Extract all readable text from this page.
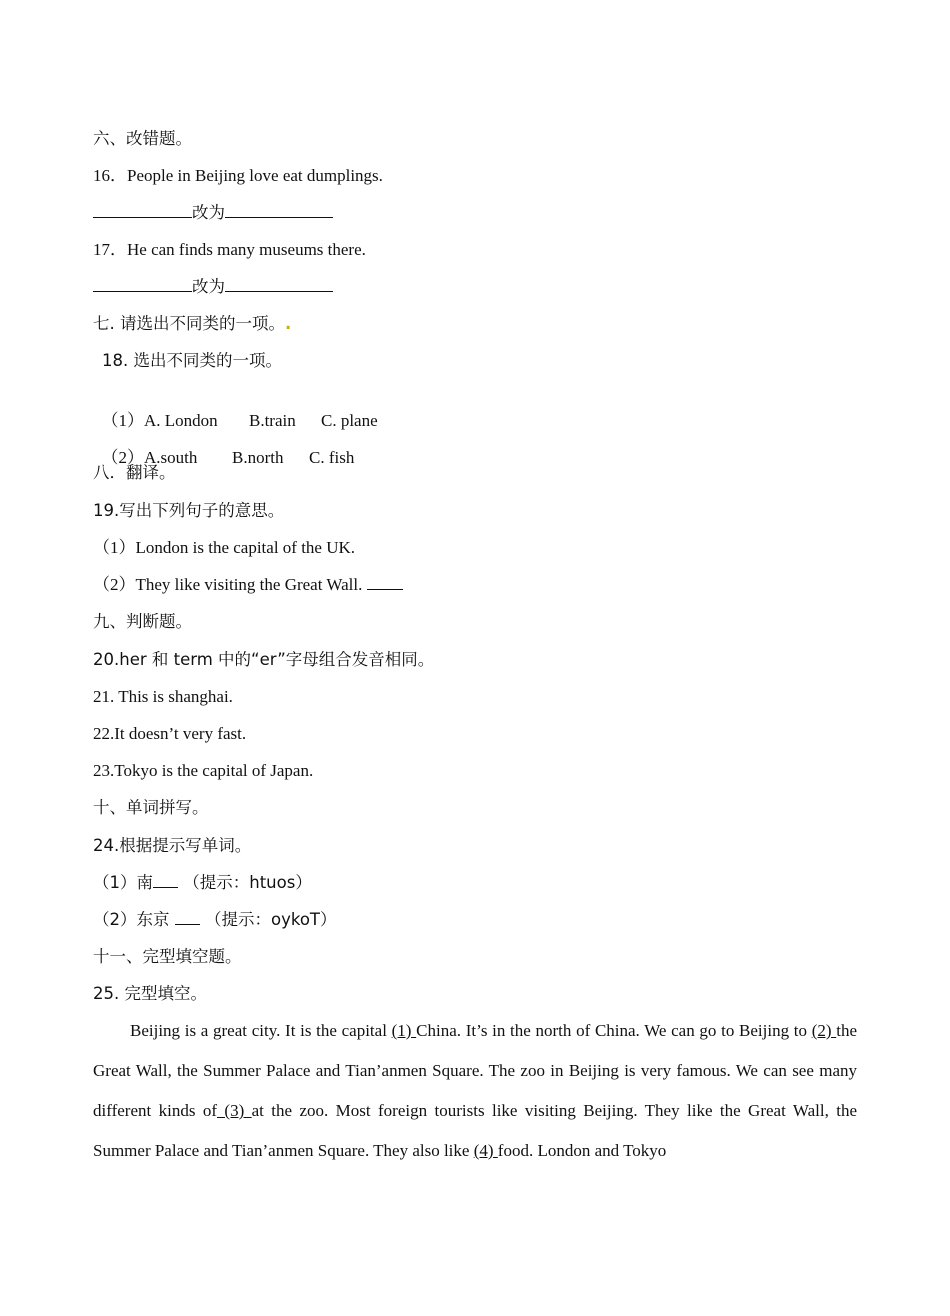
六、改错题。
16．People in Beijing love eat dumplings.
改为
17．He can finds many museums there.
改为
七. 请选出不同类的一项。.
18. 选出不同类的一项。

（1）A. London B.train C. plane

（2）A.south B.north C. fish

八．翻译。
19.写出下列句子的意思。
（1）London is the capital of the UK.
（2）They like visiting the Great Wall.
九、判断题。
20.her 和 term 中的“er”字母组合发音相同。
21. This is shanghai.
22.It doesn’t very fast.
23.Tokyo is the capital of Japan.
十、单词拼写。
24.根据提示写单词。
（1）南 （提示：htuos）
（2）东京 （提示：oykoT）
十一、完型填空题。
25. 完型填空。
Beijing is a great city. It is the capital (1) China. It’s in the north of China. We can go to Beijing to (2) the Great Wall, the Summer Palace and Tian’anmen Square. The zoo in Beijing is very famous. We can see many different kinds of (3) at the zoo. Most foreign tourists like visiting Beijing. They like the Great Wall, the Summer Palace and Tian’anmen Square. They also like (4) food. London and Tokyo
